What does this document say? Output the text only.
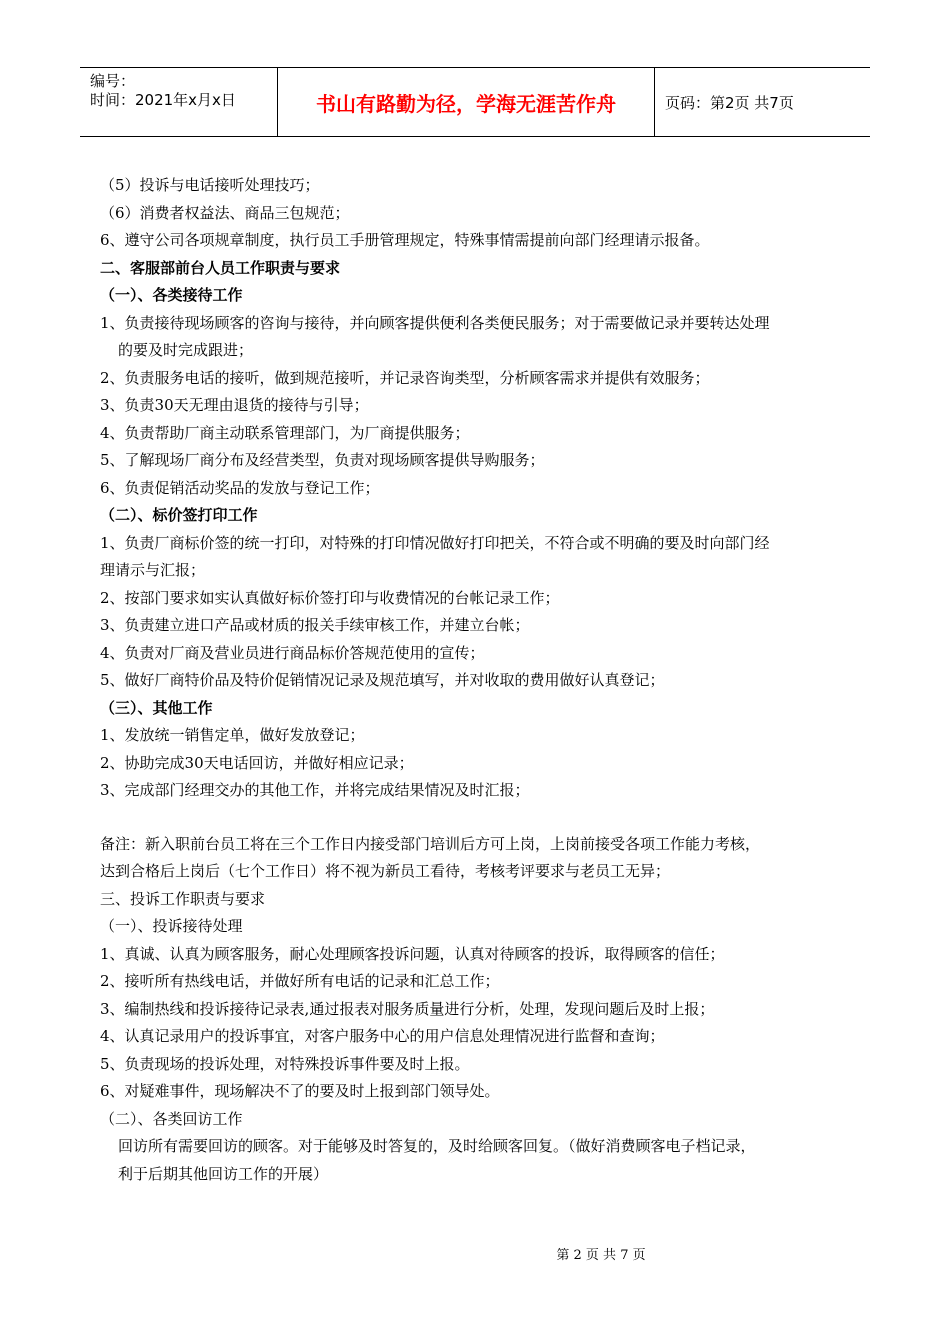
编号：
时间：2021年x月x日	书山有路勤为径，学海无涯苦作舟	页码：第2页 共7页
（5）投诉与电话接听处理技巧；
（6）消费者权益法、商品三包规范；
6、遵守公司各项规章制度，执行员工手册管理规定，特殊事情需提前向部门经理请示报备。
二、客服部前台人员工作职责与要求
（一）、各类接待工作
1、负责接待现场顾客的咨询与接待，并向顾客提供便利各类便民服务；对于需要做记录并要转达处理
的要及时完成跟进；
2、负责服务电话的接听，做到规范接听，并记录咨询类型，分析顾客需求并提供有效服务；
3、负责30天无理由退货的接待与引导；
4、负责帮助厂商主动联系管理部门，为厂商提供服务；
5、了解现场厂商分布及经营类型，负责对现场顾客提供导购服务；
6、负责促销活动奖品的发放与登记工作；
（二）、标价签打印工作
1、负责厂商标价签的统一打印，对特殊的打印情况做好打印把关，不符合或不明确的要及时向部门经
理请示与汇报；
2、按部门要求如实认真做好标价签打印与收费情况的台帐记录工作；
3、负责建立进口产品或材质的报关手续审核工作，并建立台帐；
4、负责对厂商及营业员进行商品标价答规范使用的宣传；
5、做好厂商特价品及特价促销情况记录及规范填写，并对收取的费用做好认真登记；
（三）、其他工作
1、发放统一销售定单，做好发放登记；
2、协助完成30天电话回访，并做好相应记录；
3、完成部门经理交办的其他工作，并将完成结果情况及时汇报；
备注：新入职前台员工将在三个工作日内接受部门培训后方可上岗，上岗前接受各项工作能力考核，
达到合格后上岗后（七个工作日）将不视为新员工看待，考核考评要求与老员工无异；
三、投诉工作职责与要求
（一）、投诉接待处理
1、真诚、认真为顾客服务，耐心处理顾客投诉问题，认真对待顾客的投诉，取得顾客的信任；
2、接听所有热线电话，并做好所有电话的记录和汇总工作；
3、编制热线和投诉接待记录表,通过报表对服务质量进行分析，处理，发现问题后及时上报；
4、认真记录用户的投诉事宜，对客户服务中心的用户信息处理情况进行监督和查询；
5、负责现场的投诉处理，对特殊投诉事件要及时上报。
6、对疑难事件，现场解决不了的要及时上报到部门领导处。
（二）、各类回访工作
回访所有需要回访的顾客。对于能够及时答复的，及时给顾客回复。（做好消费顾客电子档记录，
利于后期其他回访工作的开展）
第 2 页 共 7 页
